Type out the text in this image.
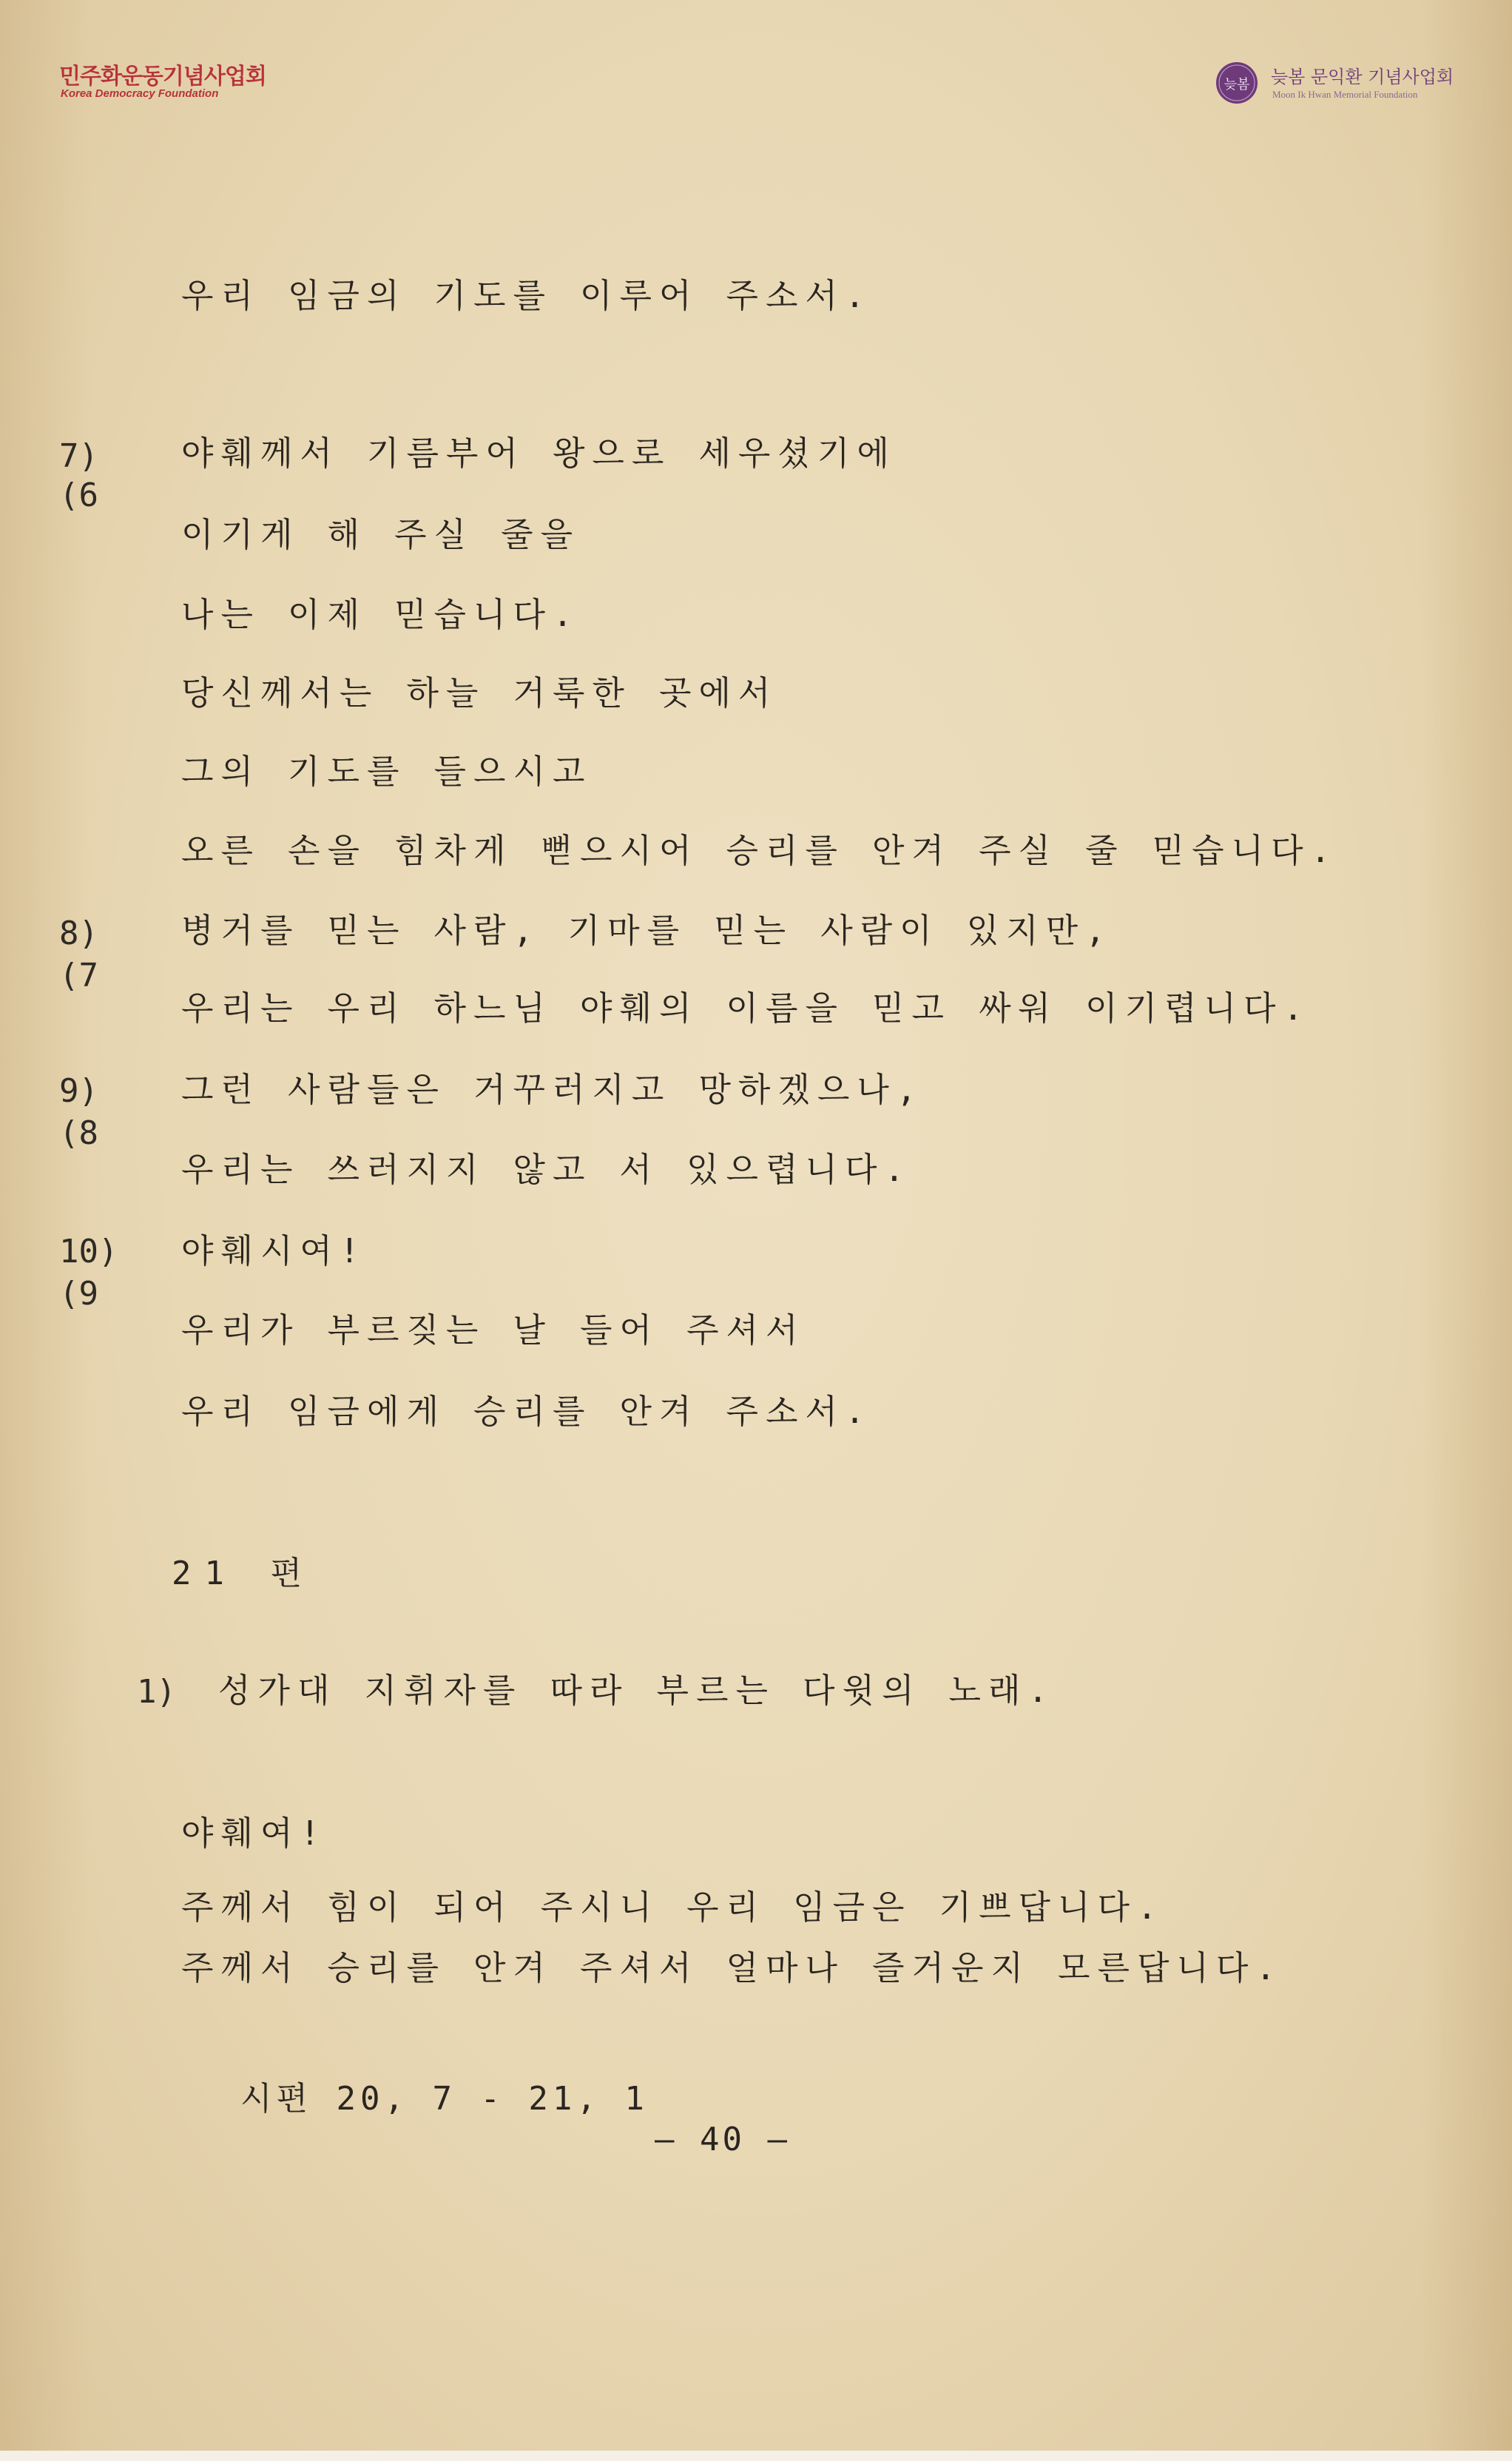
민주화운동기념사업회
Korea Democracy Foundation
늦봄 늦봄 문익환 기념사업회
Moon Ik Hwan Memorial Foundation
우리 임금의 기도를 이루어 주소서.
7)
(6
야훼께서 기름부어 왕으로 세우셨기에
이기게 해 주실 줄을
나는 이제 믿습니다.
당신께서는 하늘 거룩한 곳에서
그의 기도를 들으시고
오른 손을 힘차게 뻗으시어 승리를 안겨 주실 줄 믿습니다.
8)
(7
병거를 믿는 사람, 기마를 믿는 사람이 있지만,
우리는 우리 하느님 야훼의 이름을 믿고 싸워 이기렵니다.
9)
(8
그런 사람들은 거꾸러지고 망하겠으나,
우리는 쓰러지지 않고 서 있으렵니다.
10)
(9
야훼시여!
우리가 부르짖는 날 들어 주셔서
우리 임금에게 승리를 안겨 주소서.
21 편
1) 성가대 지휘자를 따라 부르는 다윗의 노래.
야훼여!
주께서 힘이 되어 주시니 우리 임금은 기쁘답니다.
주께서 승리를 안겨 주셔서 얼마나 즐거운지 모른답니다.
시편 20, 7 - 21, 1
— 40 —
